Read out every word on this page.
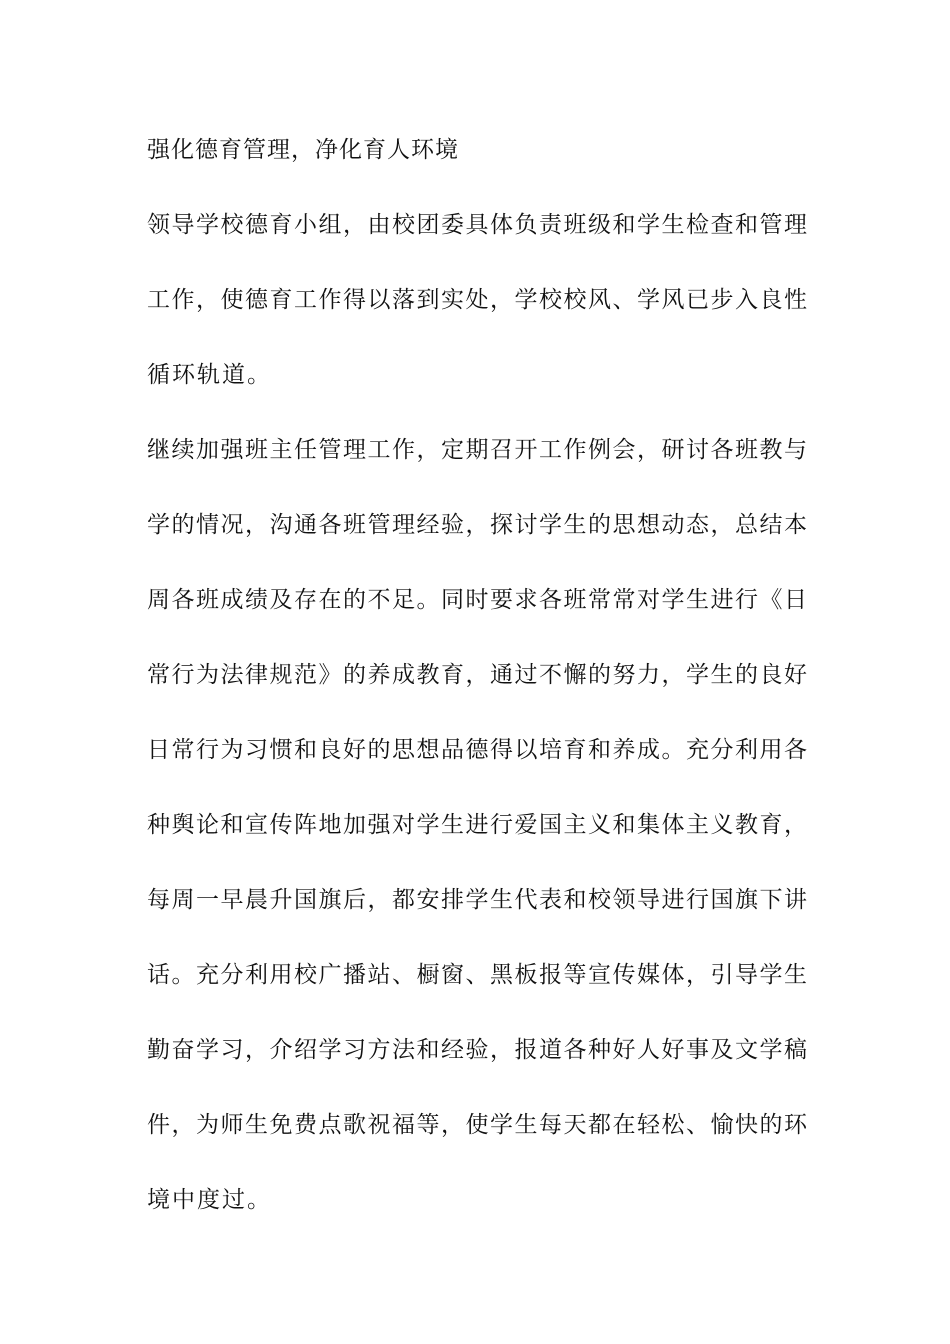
强化德育管理，净化育人环境
领导学校德育小组，由校团委具体负责班级和学生检查和管理
工作，使德育工作得以落到实处，学校校风、学风已步入良性
循环轨道。
继续加强班主任管理工作，定期召开工作例会，研讨各班教与
学的情况，沟通各班管理经验，探讨学生的思想动态，总结本
周各班成绩及存在的不足。同时要求各班常常对学生进行《日
常行为法律规范》的养成教育，通过不懈的努力，学生的良好
日常行为习惯和良好的思想品德得以培育和养成。充分利用各
种舆论和宣传阵地加强对学生进行爱国主义和集体主义教育，
每周一早晨升国旗后，都安排学生代表和校领导进行国旗下讲
话。充分利用校广播站、橱窗、黑板报等宣传媒体，引导学生
勤奋学习，介绍学习方法和经验，报道各种好人好事及文学稿
件，为师生免费点歌祝福等，使学生每天都在轻松、愉快的环
境中度过。
